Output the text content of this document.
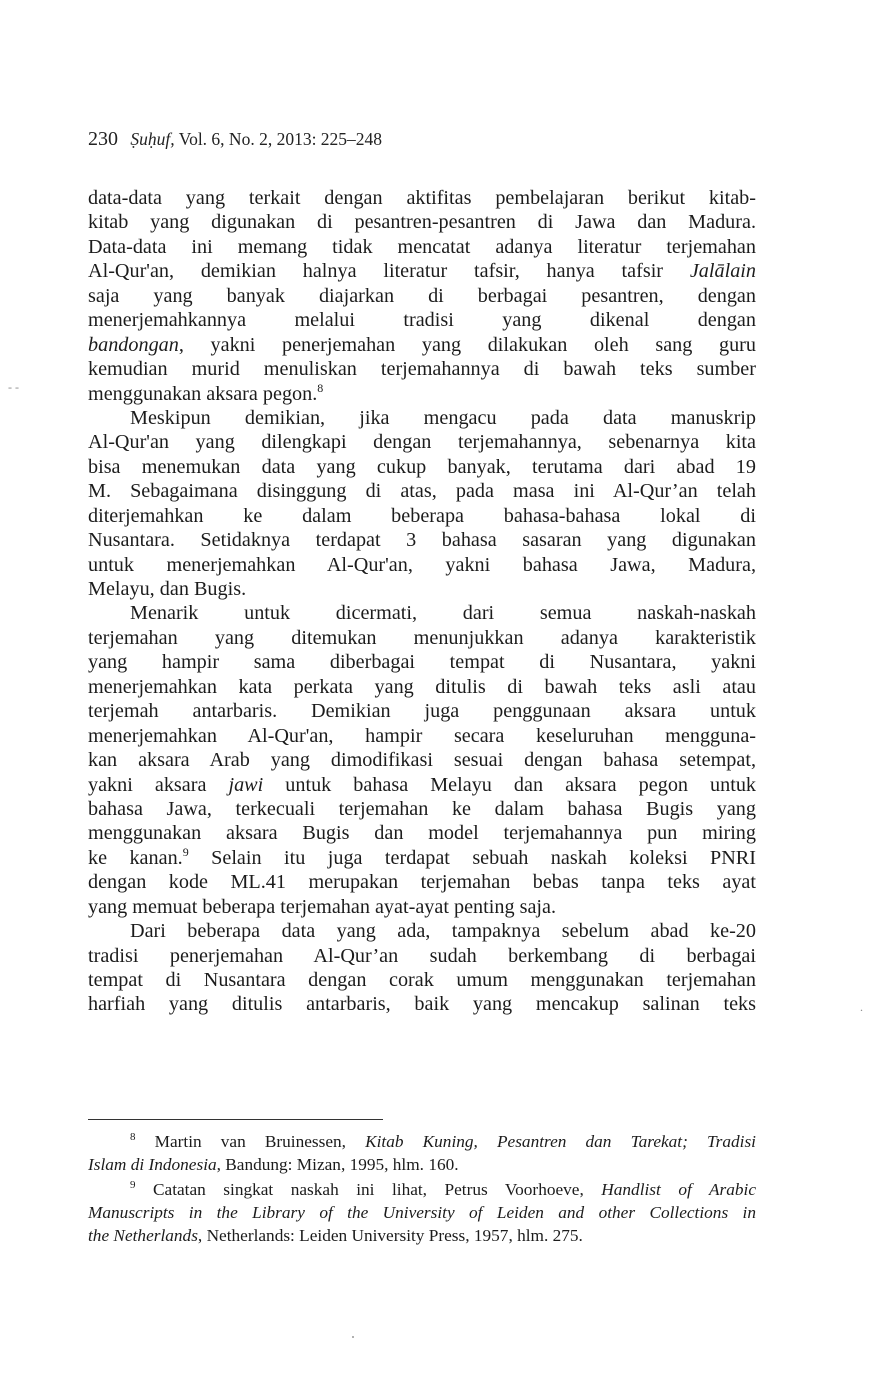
230 Ṣuḥuf, Vol. 6, No. 2, 2013: 225–248
data-data yang terkait dengan aktifitas pembelajaran berikut kitab-
kitab yang digunakan di pesantren-pesantren di Jawa dan Madura.
Data-data ini memang tidak mencatat adanya literatur terjemahan
Al-Qur'an, demikian halnya literatur tafsir, hanya tafsir Jalālain
saja yang banyak diajarkan di berbagai pesantren, dengan
menerjemahkannya melalui tradisi yang dikenal dengan
bandongan, yakni penerjemahan yang dilakukan oleh sang guru
kemudian murid menuliskan terjemahannya di bawah teks sumber
menggunakan aksara pegon.$^8$
Meskipun demikian, jika mengacu pada data manuskrip
Al-Qur'an yang dilengkapi dengan terjemahannya, sebenarnya kita
bisa menemukan data yang cukup banyak, terutama dari abad 19
M. Sebagaimana disinggung di atas, pada masa ini Al-Qur’an telah
diterjemahkan ke dalam beberapa bahasa-bahasa lokal di
Nusantara. Setidaknya terdapat 3 bahasa sasaran yang digunakan
untuk menerjemahkan Al-Qur'an, yakni bahasa Jawa, Madura,
Melayu, dan Bugis.
Menarik untuk dicermati, dari semua naskah-naskah
terjemahan yang ditemukan menunjukkan adanya karakteristik
yang hampir sama diberbagai tempat di Nusantara, yakni
menerjemahkan kata perkata yang ditulis di bawah teks asli atau
terjemah antarbaris. Demikian juga penggunaan aksara untuk
menerjemahkan Al-Qur'an, hampir secara keseluruhan mengguna-
kan aksara Arab yang dimodifikasi sesuai dengan bahasa setempat,
yakni aksara jawi untuk bahasa Melayu dan aksara pegon untuk
bahasa Jawa, terkecuali terjemahan ke dalam bahasa Bugis yang
menggunakan aksara Bugis dan model terjemahannya pun miring
ke kanan.$^9$ Selain itu juga terdapat sebuah naskah koleksi PNRI
dengan kode ML.41 merupakan terjemahan bebas tanpa teks ayat
yang memuat beberapa terjemahan ayat-ayat penting saja.
Dari beberapa data yang ada, tampaknya sebelum abad ke-20
tradisi penerjemahan Al-Qur’an sudah berkembang di berbagai
tempat di Nusantara dengan corak umum menggunakan terjemahan
harfiah yang ditulis antarbaris, baik yang mencakup salinan teks
$^8$ Martin van Bruinessen, Kitab Kuning, Pesantren dan Tarekat; Tradisi
Islam di Indonesia, Bandung: Mizan, 1995, hlm. 160.
$^9$ Catatan singkat naskah ini lihat, Petrus Voorhoeve, Handlist of Arabic
Manuscripts in the Library of the University of Leiden and other Collections in
the Netherlands, Netherlands: Leiden University Press, 1957, hlm. 275.
- -
.
